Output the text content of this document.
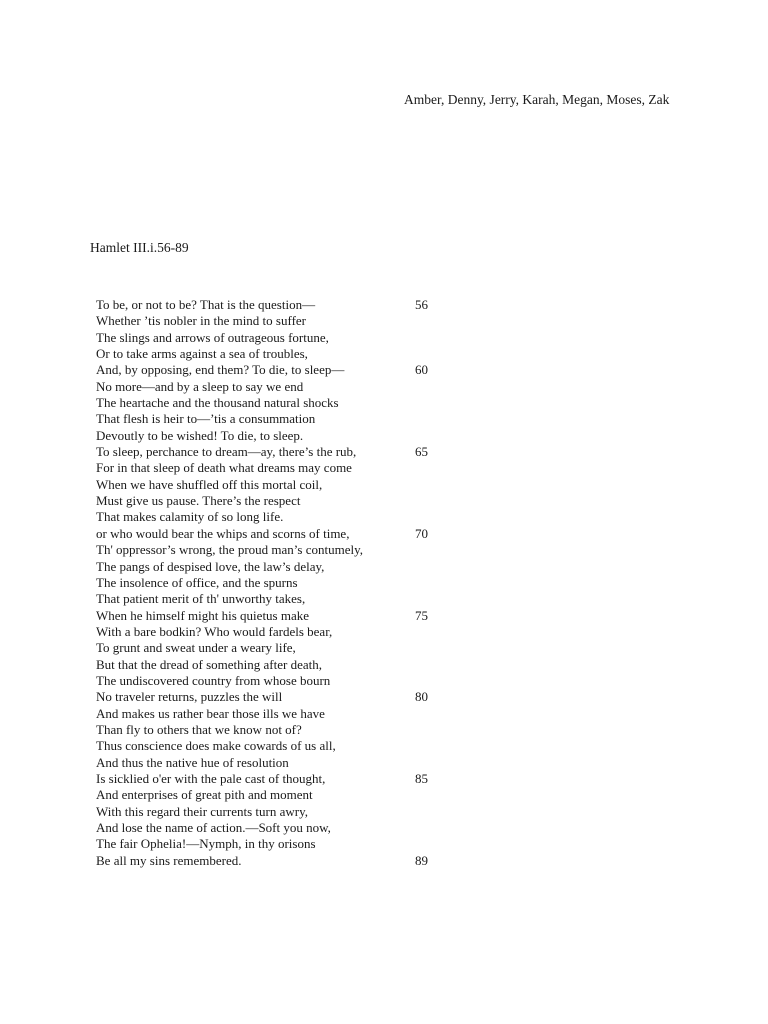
Amber, Denny, Jerry, Karah, Megan, Moses, Zak
Hamlet III.i.56-89
To be, or not to be? That is the question—	56
Whether ’tis nobler in the mind to suffer
The slings and arrows of outrageous fortune,
Or to take arms against a sea of troubles,
And, by opposing, end them? To die, to sleep—	60
No more—and by a sleep to say we end
The heartache and the thousand natural shocks
That flesh is heir to—’tis a consummation
Devoutly to be wished! To die, to sleep.
To sleep, perchance to dream—ay, there’s the rub,	65
For in that sleep of death what dreams may come
When we have shuffled off this mortal coil,
Must give us pause. There’s the respect
That makes calamity of so long life.
or who would bear the whips and scorns of time,	70
Th' oppressor’s wrong, the proud man’s contumely,
The pangs of despised love, the law’s delay,
The insolence of office, and the spurns
That patient merit of th' unworthy takes,
When he himself might his quietus make	75
With a bare bodkin? Who would fardels bear,
To grunt and sweat under a weary life,
But that the dread of something after death,
The undiscovered country from whose bourn
No traveler returns, puzzles the will	80
And makes us rather bear those ills we have
Than fly to others that we know not of?
Thus conscience does make cowards of us all,
And thus the native hue of resolution
Is sicklied o'er with the pale cast of thought,	85
And enterprises of great pith and moment
With this regard their currents turn awry,
And lose the name of action.—Soft you now,
The fair Ophelia!—Nymph, in thy orisons
Be all my sins remembered.	89
